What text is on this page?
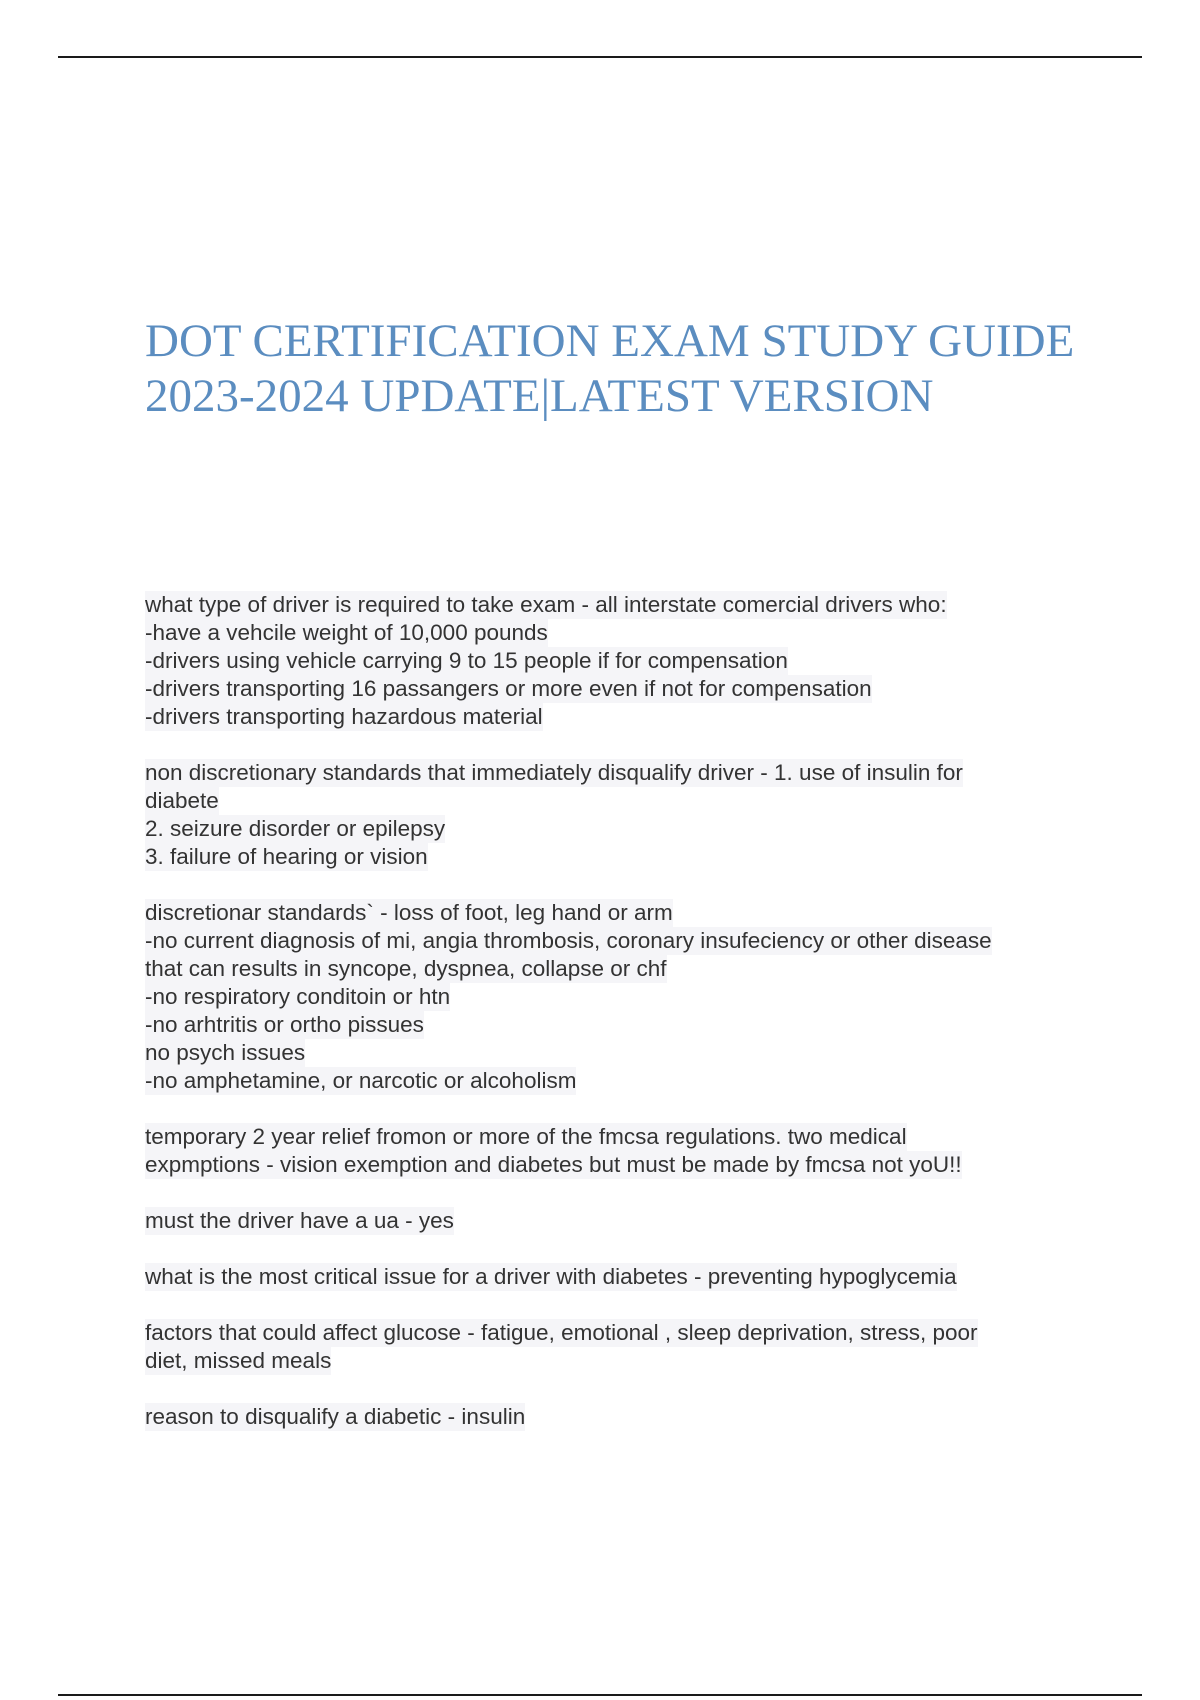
DOT CERTIFICATION EXAM STUDY GUIDE 2023-2024 UPDATE|LATEST VERSION
what type of driver is required to take exam - all interstate comercial drivers who:
-have a vehcile weight of 10,000 pounds
-drivers using vehicle carrying 9 to 15 people if for compensation
-drivers transporting 16 passangers or more even if not for compensation
-drivers transporting hazardous material
non discretionary standards that immediately disqualify driver - 1. use of insulin for
diabete
2. seizure disorder or epilepsy
3. failure of hearing or vision
discretionar standards` - loss of foot, leg hand or arm
-no current diagnosis of mi, angia thrombosis, coronary insufeciency or other disease
that can results in syncope, dyspnea, collapse or chf
-no respiratory conditoin or htn
-no arhtritis or ortho pissues
no psych issues
-no amphetamine, or narcotic or alcoholism
temporary 2 year relief fromon or more of the fmcsa regulations. two medical
expmptions - vision exemption and diabetes but must be made by fmcsa not yoU!!
must the driver have a ua - yes
what is the most critical issue for a driver with diabetes - preventing hypoglycemia
factors that could affect glucose - fatigue, emotional , sleep deprivation, stress, poor
diet, missed meals
reason to disqualify a diabetic - insulin
